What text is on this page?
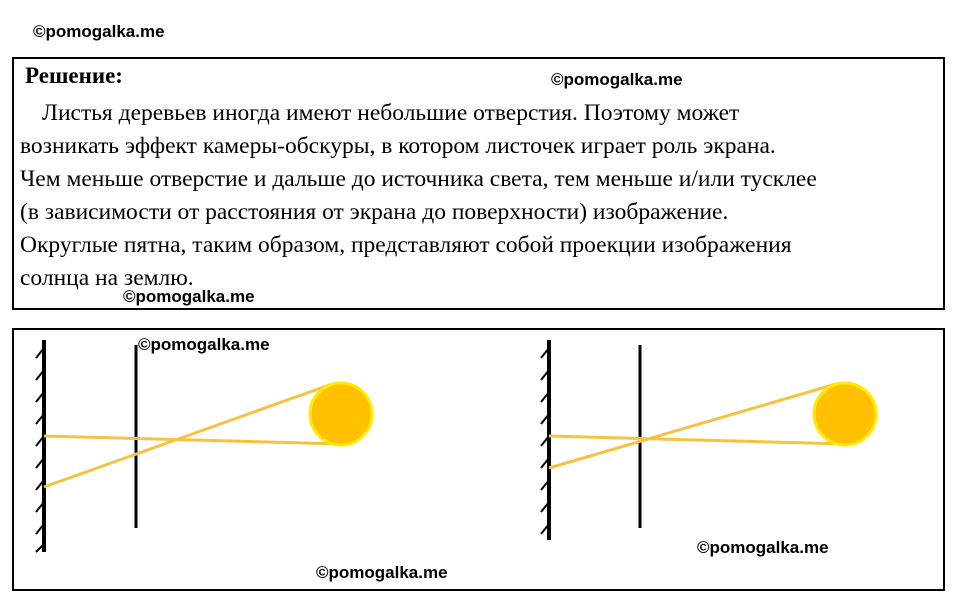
©pomogalka.me
Решение:
Листья деревьев иногда имеют небольшие отверстия. Поэтому может
возникать эффект камеры-обскуры, в котором листочек играет роль экрана.
Чем меньше отверстие и дальше до источника света, тем меньше и/или тусклее
(в зависимости от расстояния от экрана до поверхности) изображение.
Округлые пятна, таким образом, представляют собой проекции изображения
солнца на землю.
©pomogalka.me
©pomogalka.me
©pomogalka.me
©pomogalka.me
©pomogalka.me
